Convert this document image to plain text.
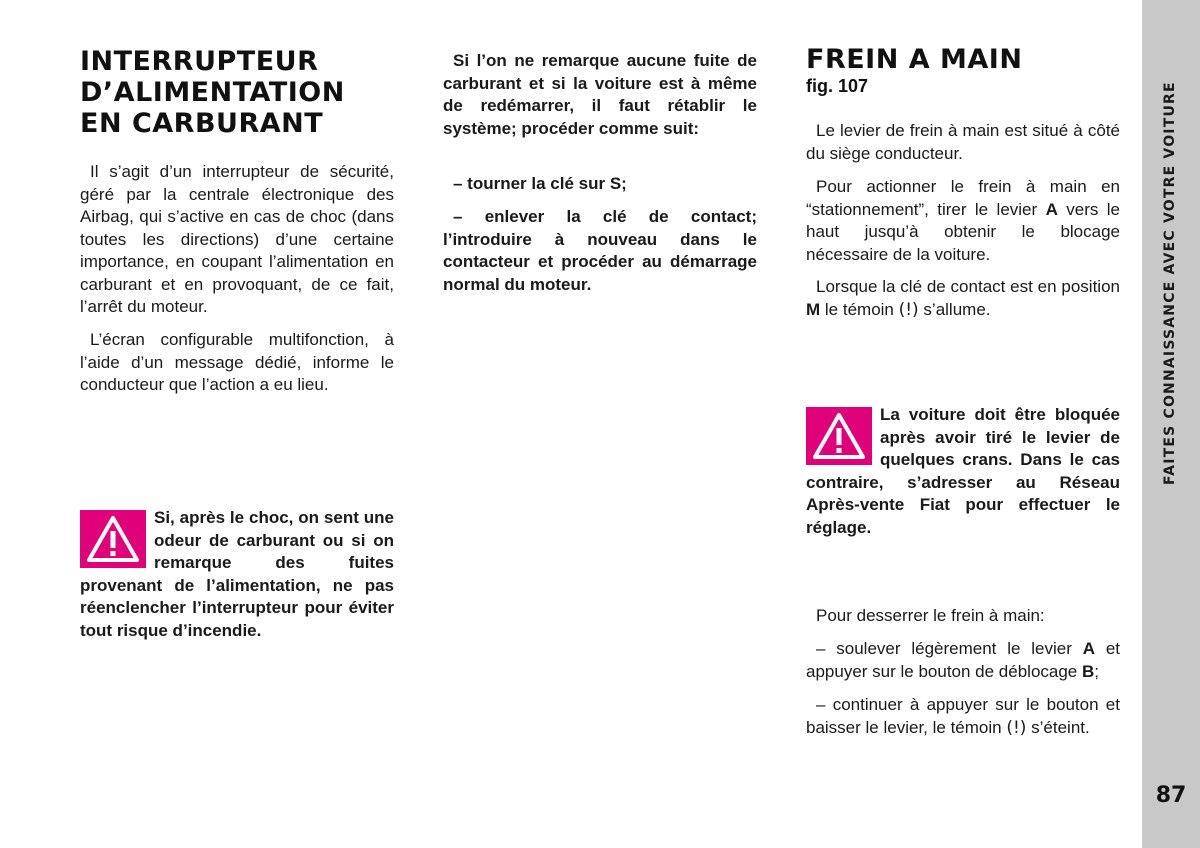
INTERRUPTEUR
D’ALIMENTATION
EN CARBURANT

Il s’agit d’un interrupteur de sécurité, géré par la centrale électronique des Airbag, qui s’active en cas de choc (dans toutes les directions) d’une certaine importance, en coupant l’alimentation en carburant et en provoquant, de ce fait, l’arrêt du moteur.

L’écran configurable multifonction, à l’aide d’un message dédié, informe le conducteur que l’action a eu lieu.

Si, après le choc, on sent une odeur de carburant ou si on remarque des fuites provenant de l’alimentation, ne pas réenclencher l’interrupteur pour éviter tout risque d’incendie.

Si l’on ne remarque aucune fuite de carburant et si la voiture est à même de redémarrer, il faut rétablir le système; procéder comme suit:

– tourner la clé sur S;

– enlever la clé de contact; l’introduire à nouveau dans le contacteur et procéder au démarrage normal du moteur.

FREIN A MAIN
fig. 107

Le levier de frein à main est situé à côté du siège conducteur.

Pour actionner le frein à main en “stationnement”, tirer le levier A vers le haut jusqu’à obtenir le blocage nécessaire de la voiture.

Lorsque la clé de contact est en position M le témoin (!) s’allume.

La voiture doit être bloquée après avoir tiré le levier de quelques crans. Dans le cas contraire, s’adresser au Réseau Après-vente Fiat pour effectuer le réglage.

Pour desserrer le frein à main:

– soulever légèrement le levier A et appuyer sur le bouton de déblocage B;

– continuer à appuyer sur le bouton et baisser le levier, le témoin (!) s’éteint.

FAITES CONNAISSANCE AVEC VOTRE VOITURE
87
